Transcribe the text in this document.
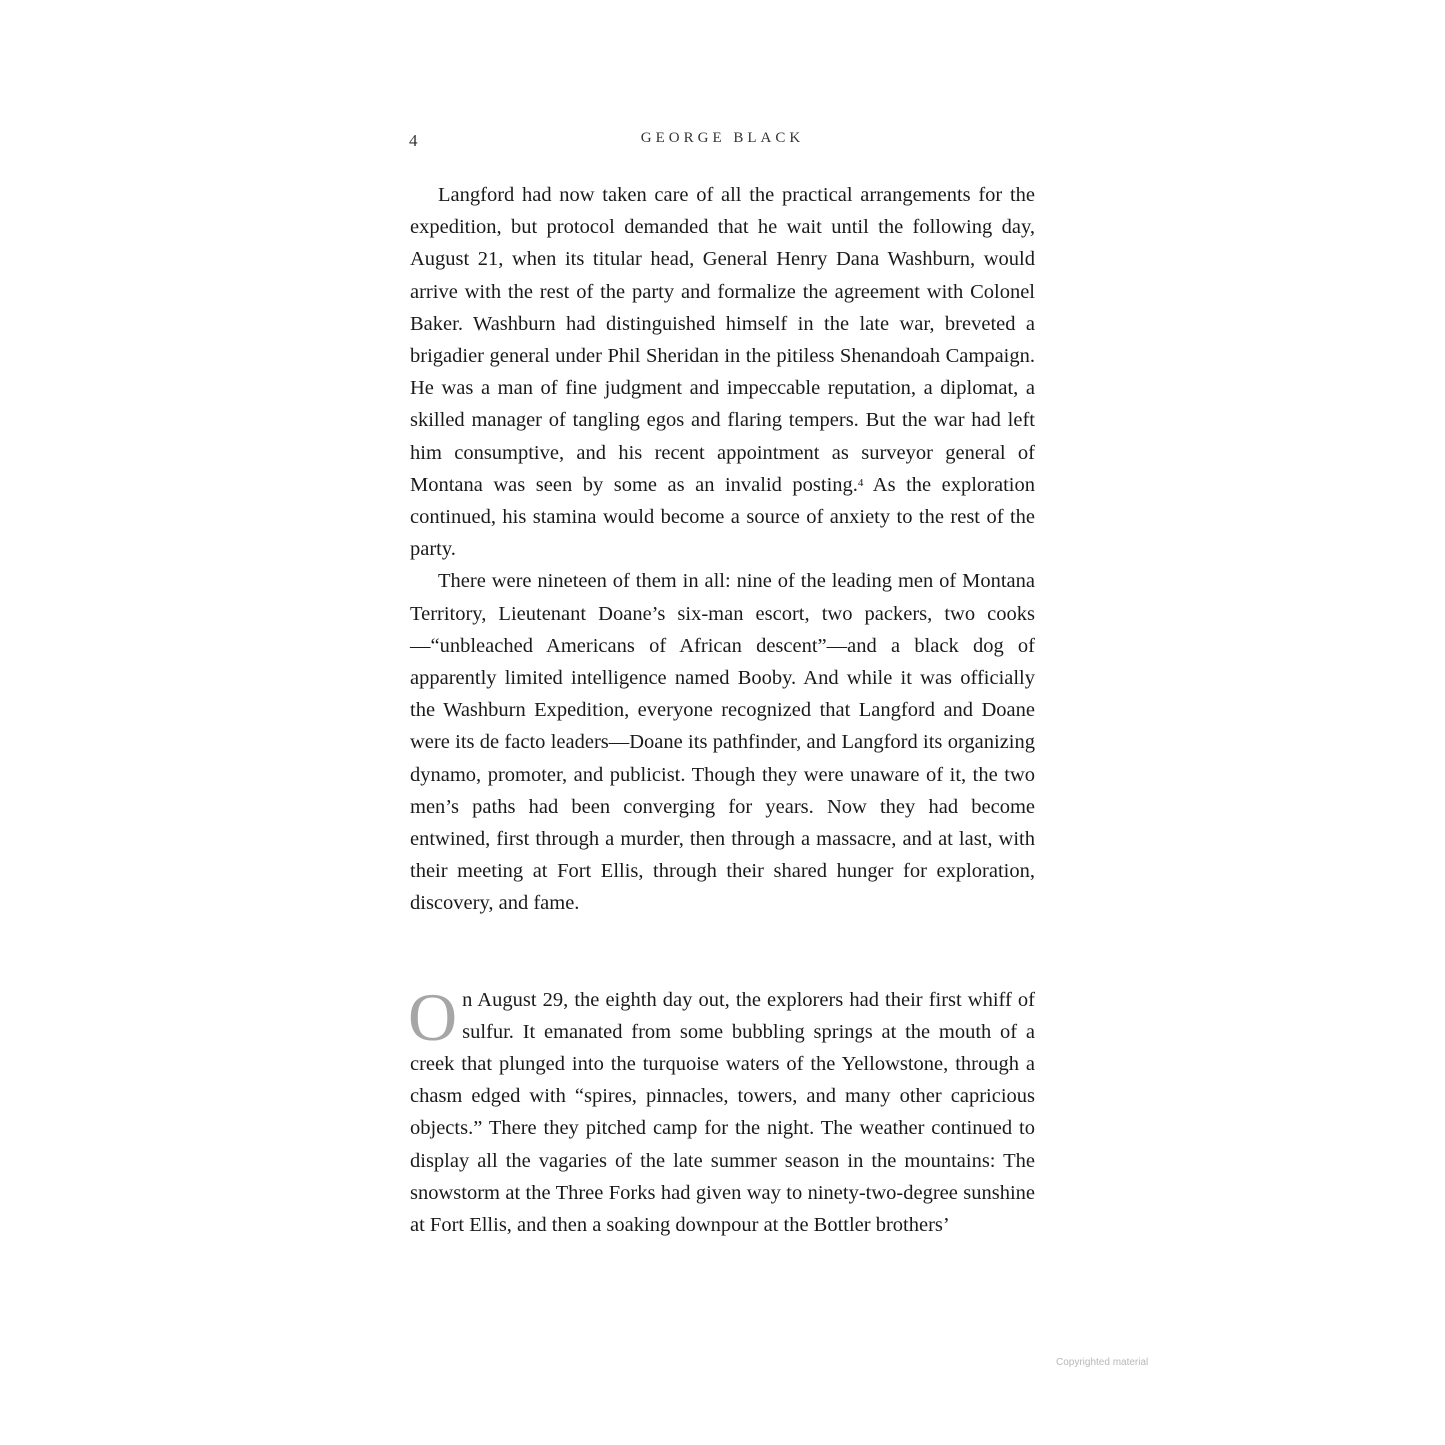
4	GEORGE BLACK

Langford had now taken care of all the practical arrangements for the expedition, but protocol demanded that he wait until the following day, August 21, when its titular head, General Henry Dana Washburn, would arrive with the rest of the party and formalize the agreement with Colonel Baker. Washburn had distinguished himself in the late war, breveted a brigadier general under Phil Sheridan in the pitiless Shenandoah Campaign. He was a man of fine judgment and impeccable reputation, a diplomat, a skilled manager of tangling egos and flaring tempers. But the war had left him consumptive, and his recent appointment as surveyor general of Montana was seen by some as an invalid posting.$^4$ As the exploration continued, his stamina would become a source of anxiety to the rest of the party.

There were nineteen of them in all: nine of the leading men of Montana Territory, Lieutenant Doane’s six-man escort, two packers, two cooks—“unbleached Americans of African descent”—and a black dog of apparently limited intelligence named Booby. And while it was officially the Washburn Expedition, everyone recognized that Langford and Doane were its de facto leaders—Doane its pathfinder, and Langford its organizing dynamo, promoter, and publicist. Though they were unaware of it, the two men’s paths had been converging for years. Now they had become entwined, first through a murder, then through a massacre, and at last, with their meeting at Fort Ellis, through their shared hunger for exploration, discovery, and fame.

On August 29, the eighth day out, the explorers had their first whiff of sulfur. It emanated from some bubbling springs at the mouth of a creek that plunged into the turquoise waters of the Yellowstone, through a chasm edged with “spires, pinnacles, towers, and many other capricious objects.” There they pitched camp for the night. The weather continued to display all the vagaries of the late summer season in the mountains: The snowstorm at the Three Forks had given way to ninety-two-degree sunshine at Fort Ellis, and then a soaking downpour at the Bottler brothers’

Copyrighted material
